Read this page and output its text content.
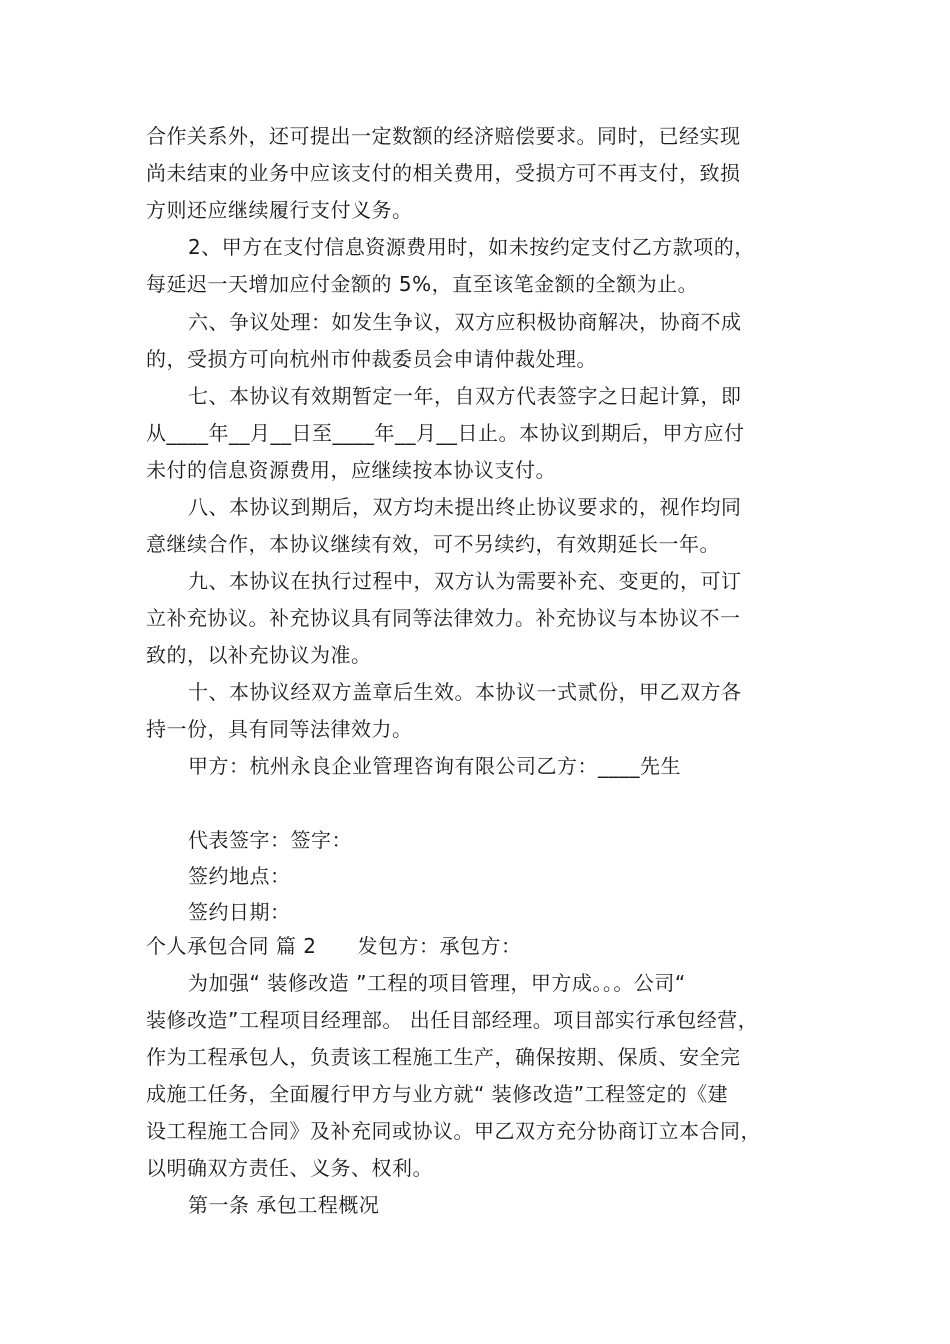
合作关系外，还可提出一定数额的经济赔偿要求。同时，已经实现
尚未结束的业务中应该支付的相关费用，受损方可不再支付，致损
方则还应继续履行支付义务。
2、甲方在支付信息资源费用时，如未按约定支付乙方款项的，
每延迟一天增加应付金额的 5%，直至该笔金额的全额为止。
六、争议处理：如发生争议，双方应积极协商解决，协商不成
的，受损方可向杭州市仲裁委员会申请仲裁处理。
七、本协议有效期暂定一年，自双方代表签字之日起计算，即
从____年__月__日至____年__月__日止。本协议到期后，甲方应付
未付的信息资源费用，应继续按本协议支付。
八、本协议到期后，双方均未提出终止协议要求的，视作均同
意继续合作，本协议继续有效，可不另续约，有效期延长一年。
九、本协议在执行过程中，双方认为需要补充、变更的，可订
立补充协议。补充协议具有同等法律效力。补充协议与本协议不一
致的，以补充协议为准。
十、本协议经双方盖章后生效。本协议一式贰份，甲乙双方各
持一份，具有同等法律效力。
甲方：杭州永良企业管理咨询有限公司乙方：____先生
代表签字：签字：
签约地点：
签约日期：
个人承包合同 篇 2　　发包方：承包方：
为加强“ 装修改造 ”工程的项目管理，甲方成。。。公司“
装修改造”工程项目经理部。 出任目部经理。项目部实行承包经营，
作为工程承包人，负责该工程施工生产，确保按期、保质、安全完
成施工任务，全面履行甲方与业方就“ 装修改造”工程签定的《建
设工程施工合同》及补充同或协议。甲乙双方充分协商订立本合同，
以明确双方责任、义务、权利。
第一条 承包工程概况
